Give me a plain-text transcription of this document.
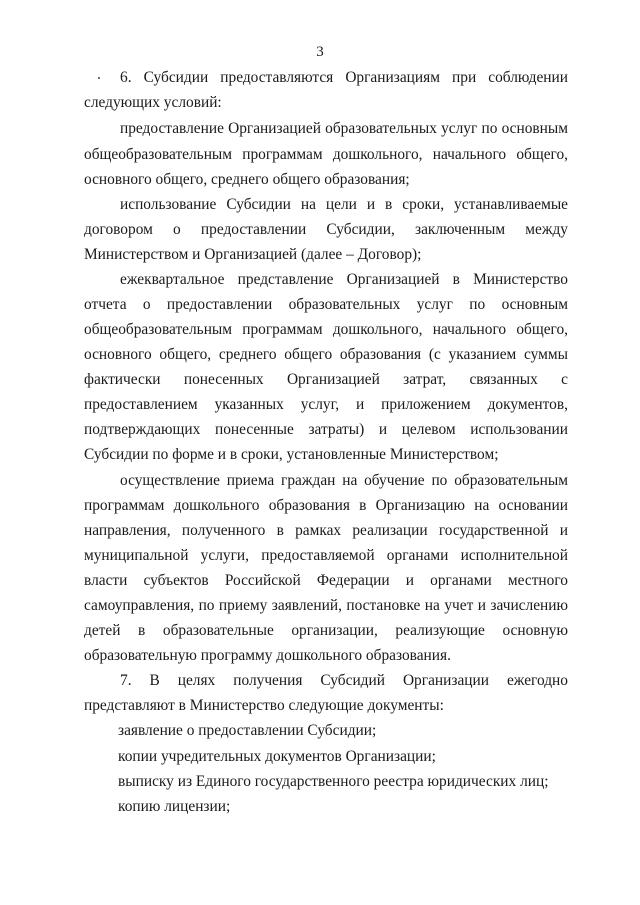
3
6. Субсидии предоставляются Организациям при соблюдении
следующих условий:
предоставление Организацией образовательных услуг по основным
общеобразовательным программам дошкольного, начального общего,
основного общего, среднего общего образования;
использование Субсидии на цели и в сроки, устанавливаемые
договором о предоставлении Субсидии, заключенным между
Министерством и Организацией (далее – Договор);
ежеквартальное представление Организацией в Министерство
отчета о предоставлении образовательных услуг по основным
общеобразовательным программам дошкольного, начального общего,
основного общего, среднего общего образования (с указанием суммы
фактически понесенных Организацией затрат, связанных с
предоставлением указанных услуг, и приложением документов,
подтверждающих понесенные затраты) и целевом использовании
Субсидии по форме и в сроки, установленные Министерством;
осуществление приема граждан на обучение по образовательным
программам дошкольного образования в Организацию на основании
направления, полученного в рамках реализации государственной и
муниципальной услуги, предоставляемой органами исполнительной
власти субъектов Российской Федерации и органами местного
самоуправления, по приему заявлений, постановке на учет и зачислению
детей в образовательные организации, реализующие основную
образовательную программу дошкольного образования.
7. В целях получения Субсидий Организации ежегодно
представляют в Министерство следующие документы:
заявление о предоставлении Субсидии;
копии учредительных документов Организации;
выписку из Единого государственного реестра юридических лиц;
копию лицензии;
